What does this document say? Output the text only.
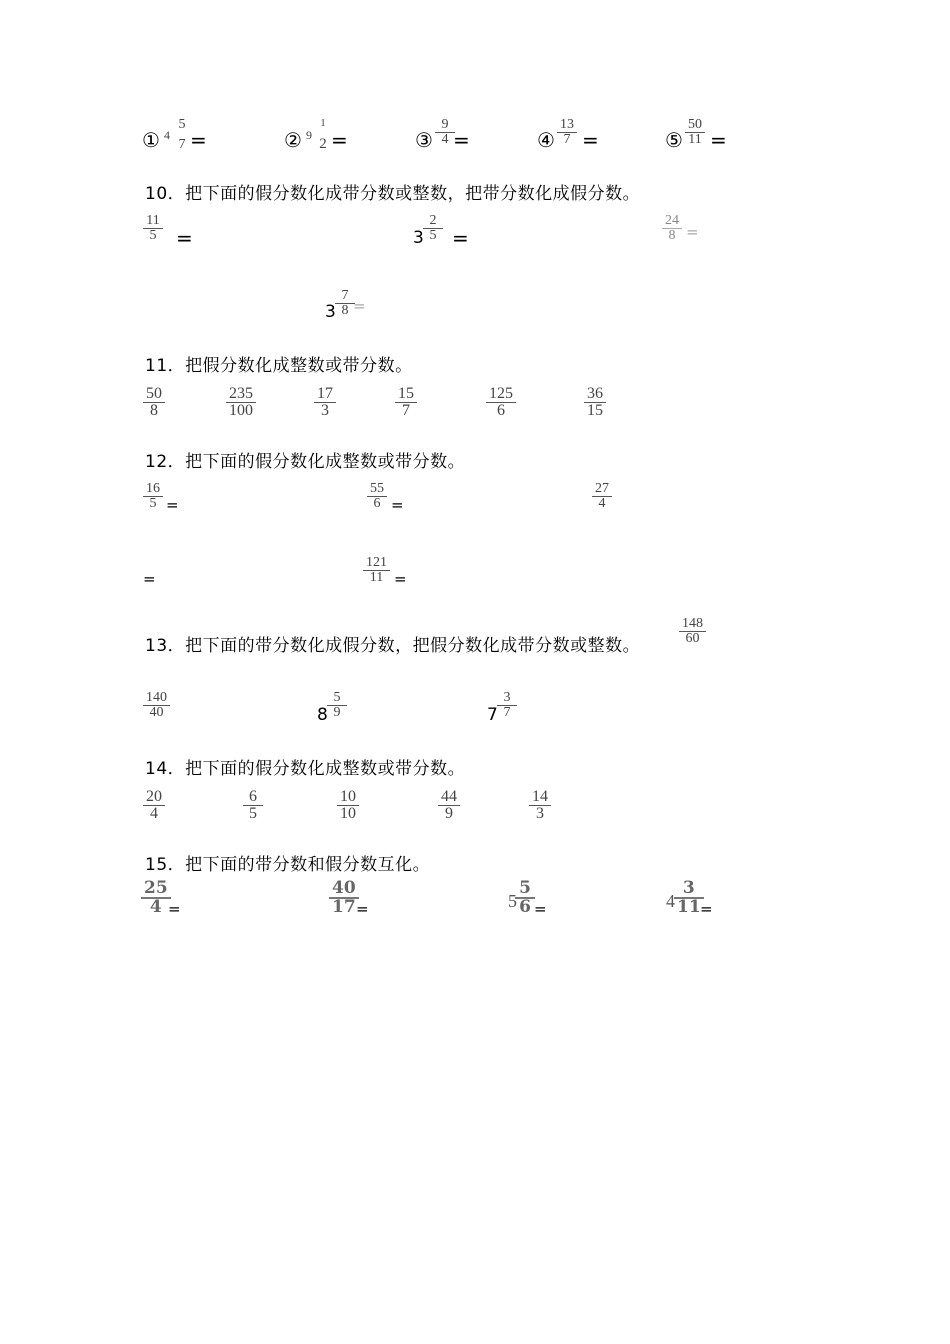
① 4
5
7 =	② 9
1
2 =	③
9
4 =	④
13
7 =	⑤
50
11 =
10．把下面的假分数化成带分数或整数，把带分数化成假分数。
11
5 =	3
2
5 =
24
8 =
3
7
8 =
11．把假分数化成整数或带分数。
50
8
235
100
17
3
15
7
125
6
36
15
12．把下面的假分数化成整数或带分数。
16
5 =
55
6 =
27
4
=
121
11 =
13．把下面的带分数化成假分数，把假分数化成带分数或整数。
148
60
140
40	8
5
9	7
3
7
14．把下面的假分数化成整数或带分数。
20
4
6
5
10
10
44
9
14
3
15．把下面的带分数和假分数互化。
25
4 =
40
17 =	5
5
6 =	4
3
11 =
